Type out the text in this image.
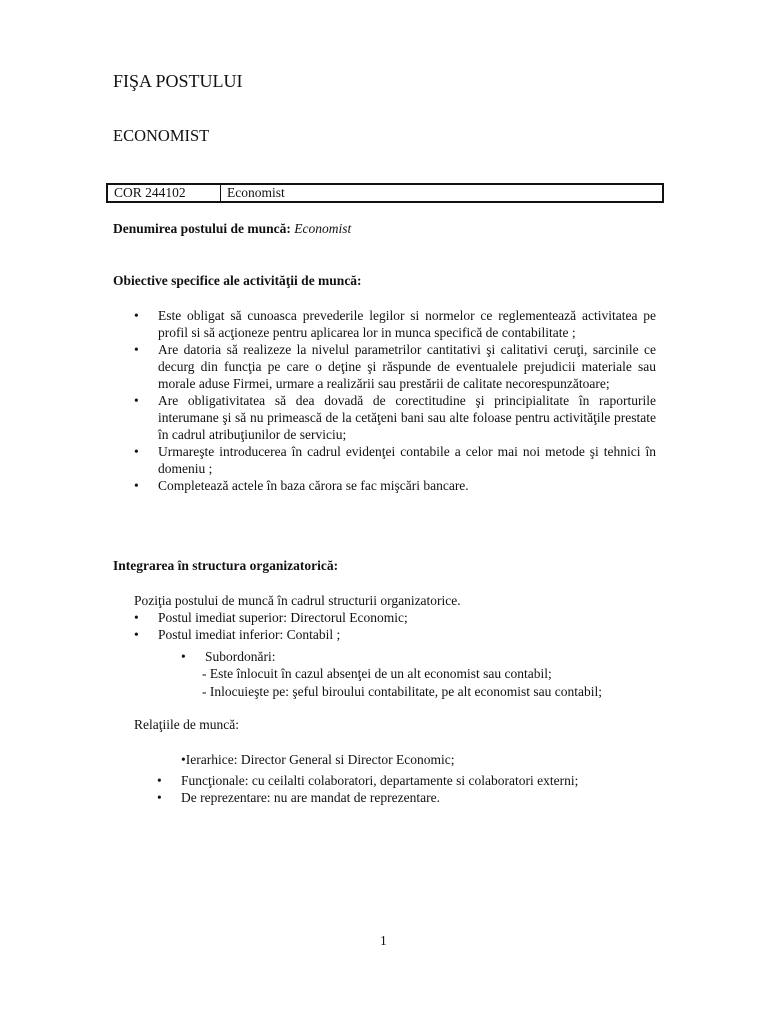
FIŞA POSTULUI
ECONOMIST
COR 244102	Economist

Denumirea postului de muncă: Economist

Obiective specifice ale activităţii de muncă:

• Este obligat să cunoasca prevederile legilor si normelor ce reglementează activitatea pe profil si să acţioneze pentru aplicarea lor in munca specifică de contabilitate ;
• Are datoria să realizeze la nivelul parametrilor cantitativi şi calitativi ceruţi, sarcinile ce decurg din funcţia pe care o deţine şi răspunde de eventualele prejudicii materiale sau morale aduse Firmei, urmare a realizării sau prestării de calitate necorespunzătoare;
• Are obligativitatea să dea dovadă de corectitudine şi principialitate în raporturile interumane şi să nu primească de la cetăţeni bani sau alte foloase pentru activităţile prestate în cadrul atribuţiunilor de serviciu;
• Urmareşte introducerea în cadrul evidenţei contabile a celor mai noi metode şi tehnici în domeniu ;
• Completează actele în baza cărora se fac mişcări bancare.

Integrarea în structura organizatorică:

Poziţia postului de muncă în cadrul structurii organizatorice.

• Postul imediat superior: Directorul Economic;
• Postul imediat inferior: Contabil ;
• Subordonări:

- Este înlocuit în cazul absenţei de un alt economist sau contabil;

- Inlocuieşte pe: şeful biroului contabilitate, pe alt economist sau contabil;

Relaţiile de muncă:

•Ierarhice: Director General si Director Economic;

• Funcţionale: cu ceilalti colaboratori, departamente si colaboratori externi;
• De reprezentare: nu are mandat de reprezentare.

1
